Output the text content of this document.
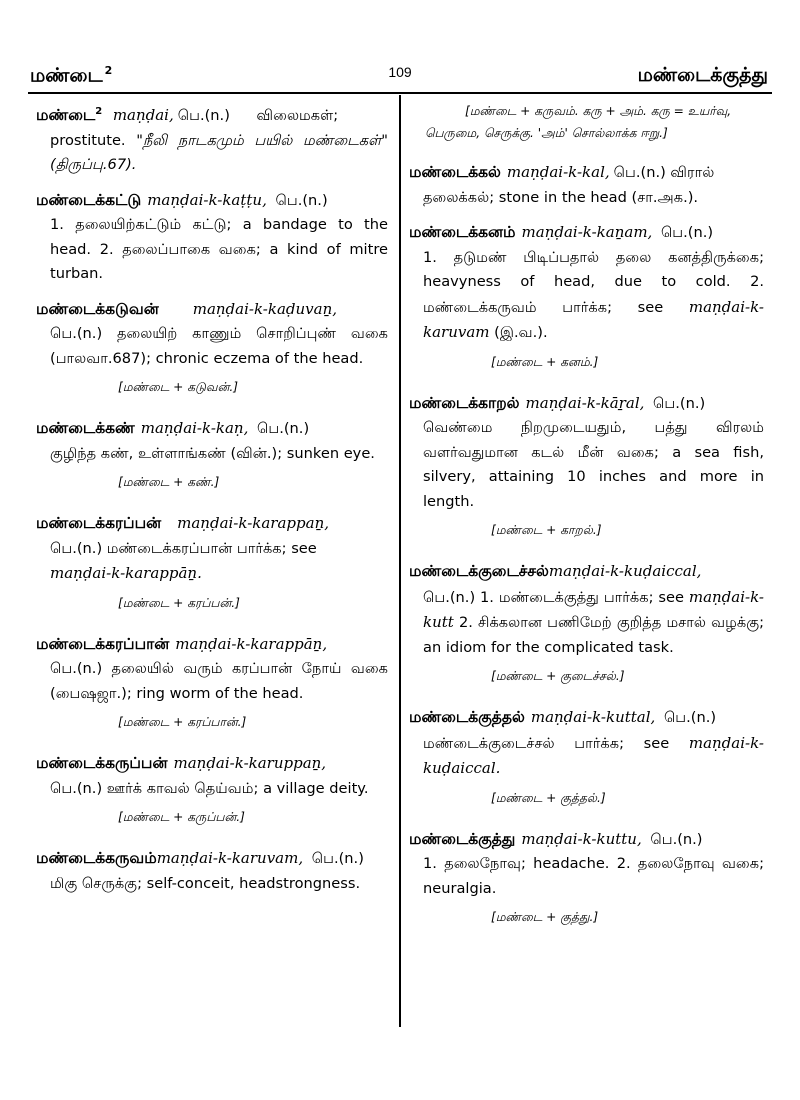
மண்டை $^2$	109	மண்டைக்குத்து
மண்டை$^2$ maṇḍai, பெ.(n.) விலைமகள்;
prostitute. "நீலி நாடகமும் பயில் மண்டைகள்" (திருப்பு.67).
மண்டைக்கட்டு maṇḍai-k-kaṭṭu, பெ.(n.)
1. தலையிற்கட்டும் கட்டு; a bandage to the head. 2. தலைப்பாகை வகை; a kind of mitre turban.
மண்டைக்கடுவன் maṇḍai-k-kaḍuvaṉ,
பெ.(n.) தலையிற் காணும் சொறிப்புண் வகை (பாலவா.687); chronic eczema of the head.
[மண்டை + கடுவன்.]
மண்டைக்கண் maṇḍai-k-kaṇ, பெ.(n.)
குழிந்த கண், உள்ளாங்கண் (வின்.); sunken eye.
[மண்டை + கண்.]
மண்டைக்கரப்பன் maṇḍai-k-karappaṉ,
பெ.(n.) மண்டைக்கரப்பான் பார்க்க; see
maṇḍai-k-karappāṉ.
[மண்டை + கரப்பன்.]
மண்டைக்கரப்பான் maṇḍai-k-karappāṉ,
பெ.(n.) தலையில் வரும் கரப்பான் நோய் வகை (பைஷஜா.); ring worm of the head.
[மண்டை + கரப்பான்.]
மண்டைக்கருப்பன் maṇḍai-k-karuppaṉ,
பெ.(n.) ஊர்க் காவல் தெய்வம்; a village deity.
[மண்டை + கருப்பன்.]
மண்டைக்கருவம்maṇḍai-k-karuvam, பெ.(n.)
மிகு செருக்கு; self-conceit, headstrongness.
[மண்டை + கருவம். கரு + அம். கரு = உயர்வு,
பெருமை, செருக்கு. 'அம்' சொல்லாக்க ஈறு.]
மண்டைக்கல் maṇḍai-k-kal, பெ.(n.) விரால்
தலைக்கல்; stone in the head (சா.அக.).
மண்டைக்கனம் maṇḍai-k-kaṉam, பெ.(n.)
1. தடுமண் பிடிப்பதால் தலை கனத்திருக்கை; heavyness of head, due to cold. 2. மண்டைக்கருவம் பார்க்க; see maṇḍai-k-karuvam (இ.வ.).
[மண்டை + கனம்.]
மண்டைக்காறல் maṇḍai-k-kāṟal, பெ.(n.)
வெண்மை நிறமுடையதும், பத்து விரலம் வளர்வதுமான கடல் மீன் வகை; a sea fish, silvery, attaining 10 inches and more in length.
[மண்டை + காறல்.]
மண்டைக்குடைச்சல்maṇḍai-k-kuḍaiccal,
பெ.(n.) 1. மண்டைக்குத்து பார்க்க; see maṇḍai-k-kutt 2. சிக்கலான பணிமேற் குறித்த மசால் வழக்கு; an idiom for the complicated task.
[மண்டை + குடைச்சல்.]
மண்டைக்குத்தல் maṇḍai-k-kuttal, பெ.(n.)
மண்டைக்குடைச்சல் பார்க்க; see maṇḍai-k-kuḍaiccal.
[மண்டை + குத்தல்.]
மண்டைக்குத்து maṇḍai-k-kuttu, பெ.(n.)
1. தலைநோவு; headache. 2. தலைநோவு வகை; neuralgia.
[மண்டை + குத்து.]
